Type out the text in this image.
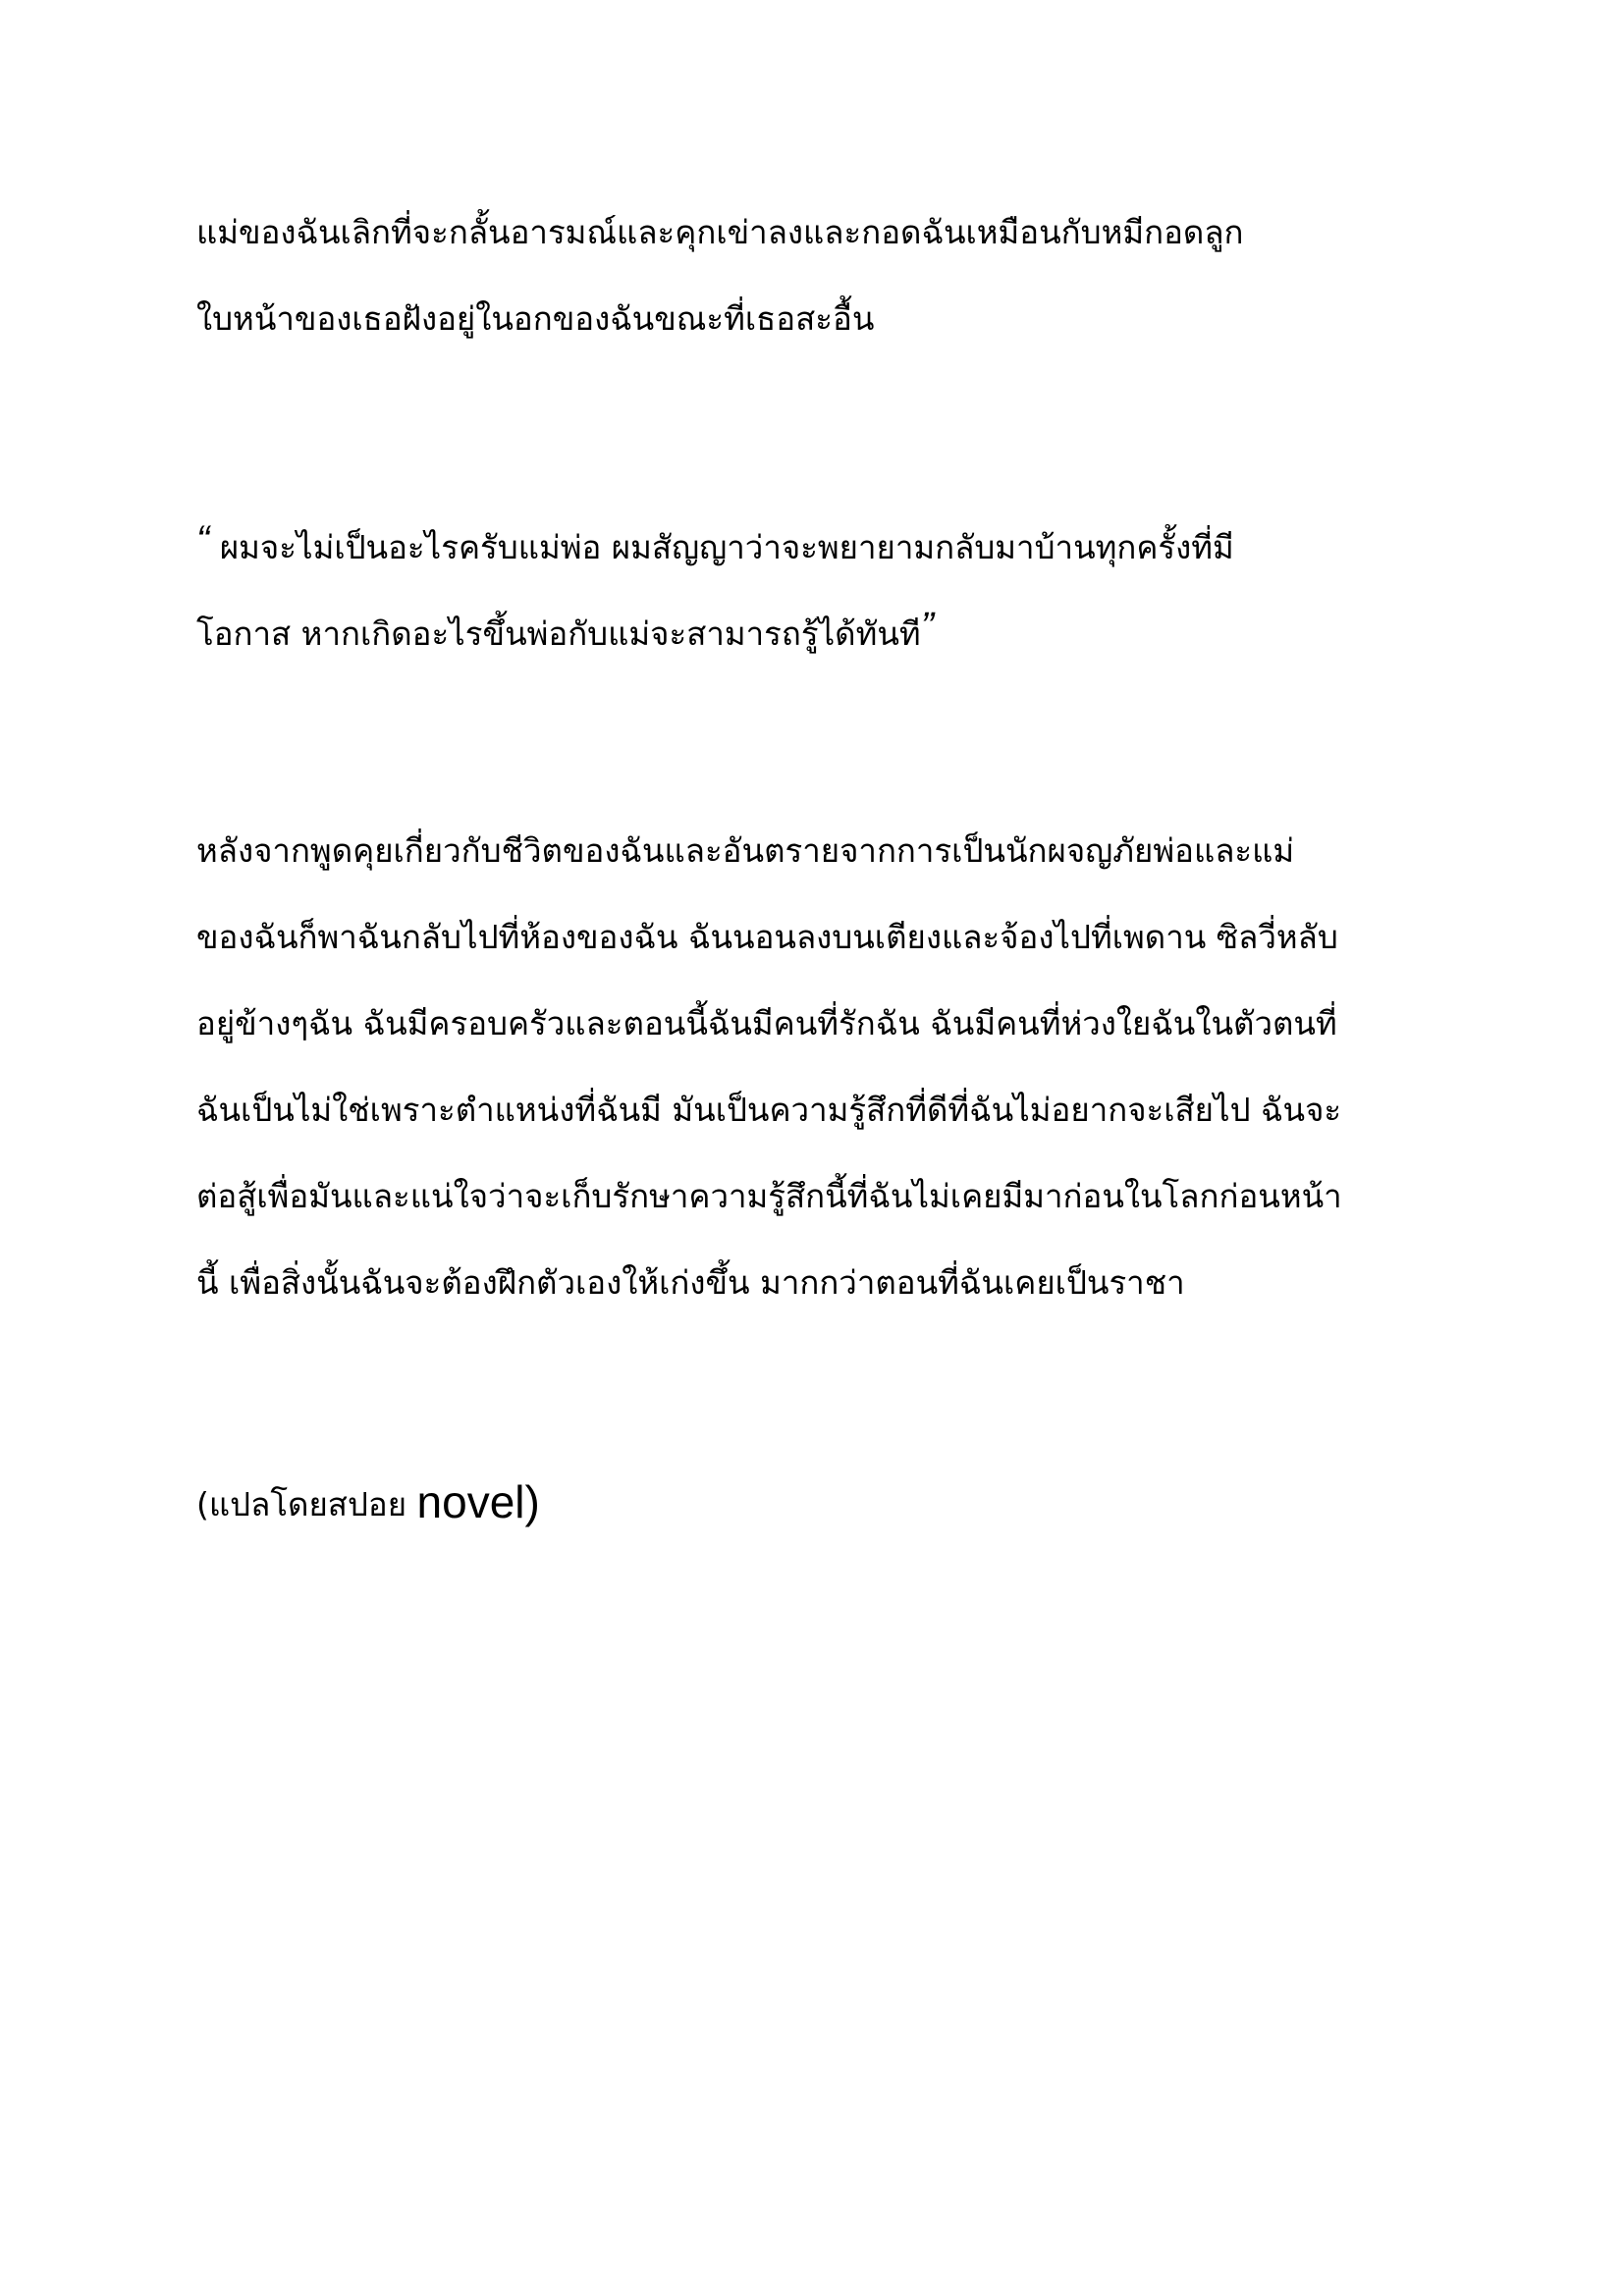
แม่ของฉันเลิกที่จะกลั้นอารมณ์และคุกเข่าลงและกอดฉันเหมือนกับหมีกอดลูก

ใบหน้าของเธอฝังอยู่ในอกของฉันขณะที่เธอสะอื้น

“ ผมจะไม่เป็นอะไรครับแม่พ่อ ผมสัญญาว่าจะพยายามกลับมาบ้านทุกครั้งที่มี

โอกาส หากเกิดอะไรขึ้นพ่อกับแม่จะสามารถรู้ได้ทันที”

หลังจากพูดคุยเกี่ยวกับชีวิตของฉันและอันตรายจากการเป็นนักผจญภัยพ่อและแม่

ของฉันก็พาฉันกลับไปที่ห้องของฉัน ฉันนอนลงบนเตียงและจ้องไปที่เพดาน ซิลวี่หลับ

อยู่ข้างๆฉัน ฉันมีครอบครัวและตอนนี้ฉันมีคนที่รักฉัน ฉันมีคนที่ห่วงใยฉันในตัวตนที่

ฉันเป็นไม่ใช่เพราะตำแหน่งที่ฉันมี มันเป็นความรู้สึกที่ดีที่ฉันไม่อยากจะเสียไป ฉันจะ

ต่อสู้เพื่อมันและแน่ใจว่าจะเก็บรักษาความรู้สึกนี้ที่ฉันไม่เคยมีมาก่อนในโลกก่อนหน้า

นี้ เพื่อสิ่งนั้นฉันจะต้องฝึกตัวเองให้เก่งขึ้น มากกว่าตอนที่ฉันเคยเป็นราชา

(แปลโดยสปอย novel)
